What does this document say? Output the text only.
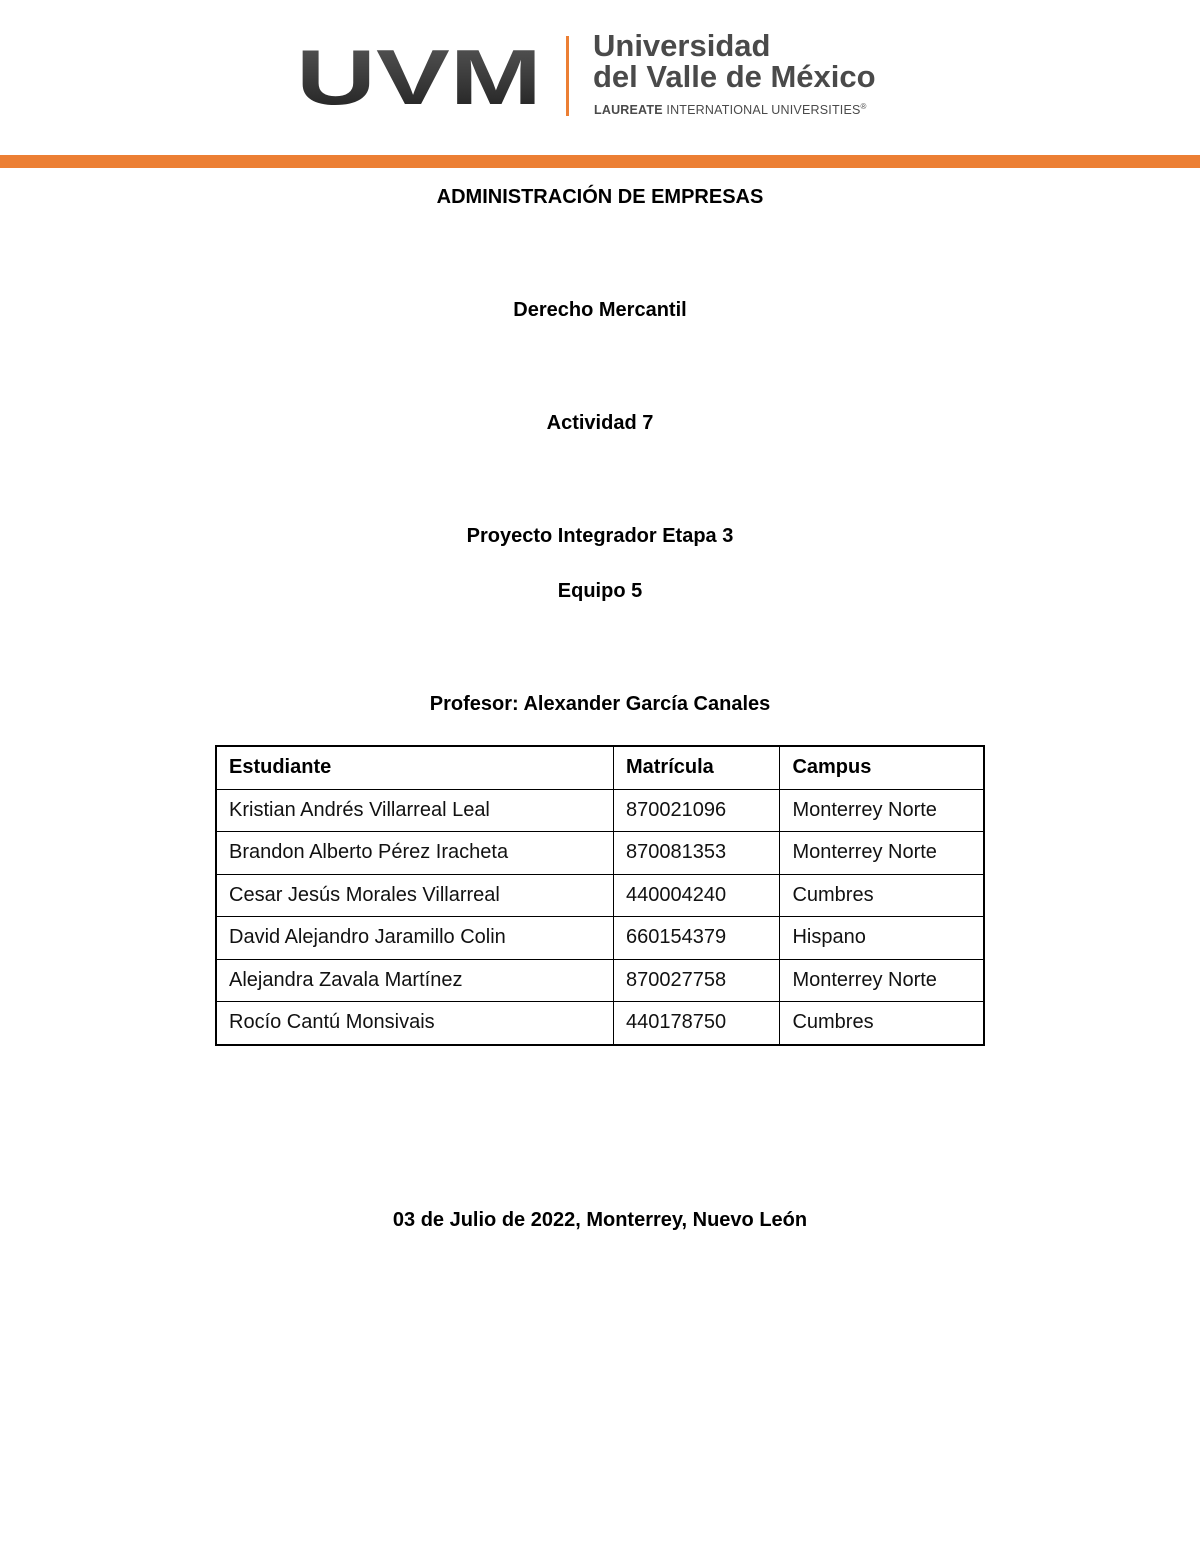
UVM Universidad
del Valle de México
LAUREATE INTERNATIONAL UNIVERSITIES®
ADMINISTRACIÓN DE EMPRESAS
Derecho Mercantil
Actividad 7
Proyecto Integrador Etapa 3
Equipo 5
Profesor: Alexander García Canales
Estudiante	Matrícula	Campus
Kristian Andrés Villarreal Leal	870021096	Monterrey Norte
Brandon Alberto Pérez Iracheta	870081353	Monterrey Norte
Cesar Jesús Morales Villarreal	440004240	Cumbres
David Alejandro Jaramillo Colin	660154379	Hispano
Alejandra Zavala Martínez	870027758	Monterrey Norte
Rocío Cantú Monsivais	440178750	Cumbres
03 de Julio de 2022, Monterrey, Nuevo León
